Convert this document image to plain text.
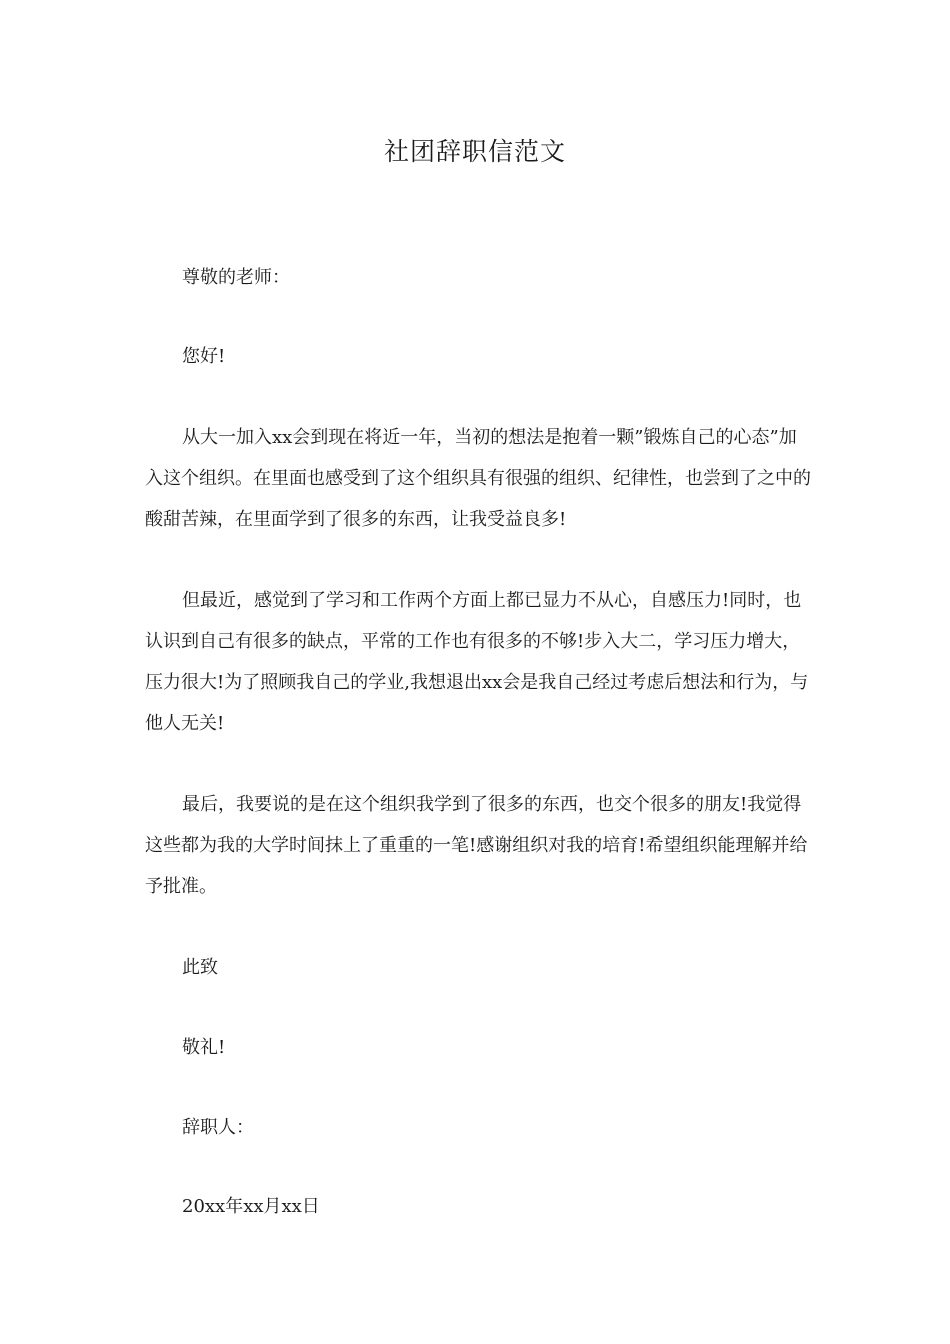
社团辞职信范文
尊敬的老师：
您好!

从大一加入xx会到现在将近一年，当初的想法是抱着一颗”锻炼自己的心态”加入这个组织。在里面也感受到了这个组织具有很强的组织、纪律性，也尝到了之中的酸甜苦辣，在里面学到了很多的东西，让我受益良多!

但最近，感觉到了学习和工作两个方面上都已显力不从心，自感压力!同时，也认识到自己有很多的缺点，平常的工作也有很多的不够!步入大二，学习压力增大，压力很大!为了照顾我自己的学业,我想退出xx会是我自己经过考虑后想法和行为，与他人无关!

最后，我要说的是在这个组织我学到了很多的东西，也交个很多的朋友!我觉得这些都为我的大学时间抹上了重重的一笔!感谢组织对我的培育!希望组织能理解并给予批准。

此致
敬礼!
辞职人：
20xx年xx月xx日
